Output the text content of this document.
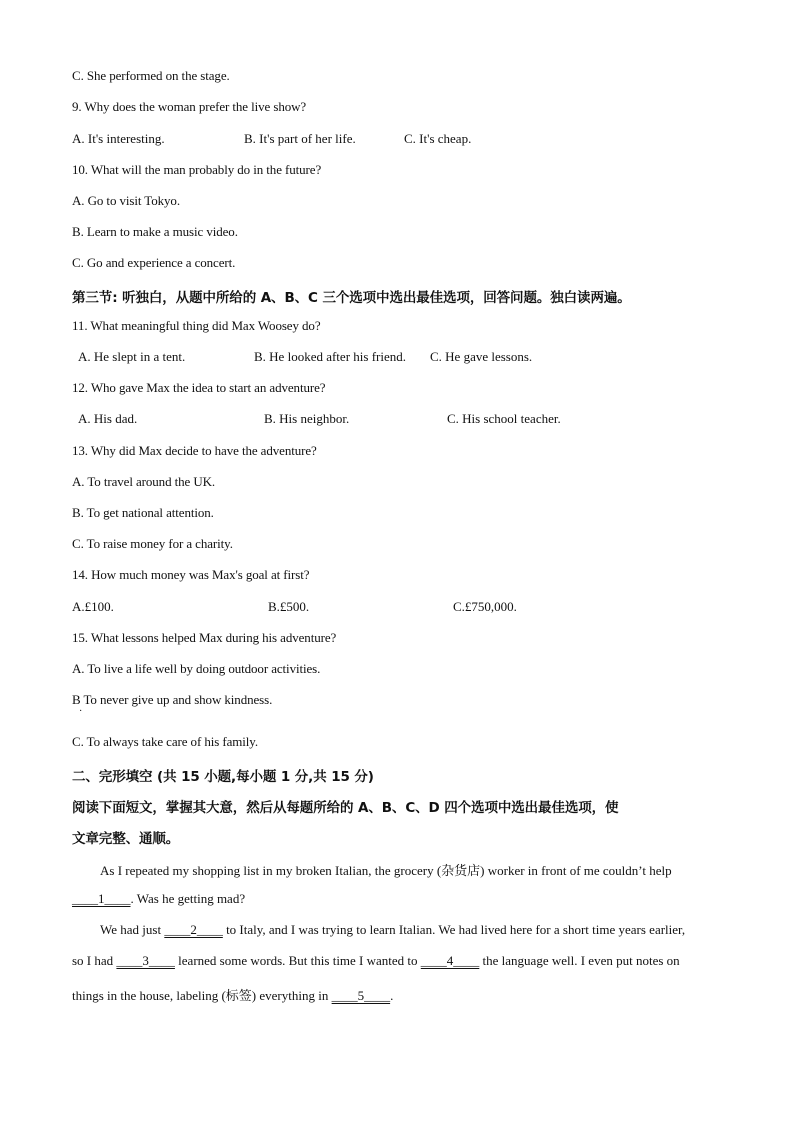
C. She performed on the stage.
9. Why does the woman prefer the live show?
A. It's interesting.	B. It's part of her life.	C. It's cheap.
10. What will the man probably do in the future?
A. Go to visit Tokyo.
B. Learn to make a music video.
C. Go and experience a concert.
第三节: 听独白，从题中所给的 A、B、C 三个选项中选出最佳选项，回答问题。独白读两遍。
11. What meaningful thing did Max Woosey do?
A. He slept in a tent.	B. He looked after his friend. C. He gave lessons.
12. Who gave Max the idea to start an adventure?
A. His dad.	B. His neighbor.	C. His school teacher.
13. Why did Max decide to have the adventure?
A. To travel around the UK.
B. To get national attention.
C. To raise money for a charity.
14. How much money was Max's goal at first?
A.£100.	B.£500.	C.£750,000.
15. What lessons helped Max during his adventure?
A. To live a life well by doing outdoor activities.
B To never give up and show kindness.
·
C. To always take care of his family.
二、完形填空 (共 15 小题,每小题 1 分,共 15 分)
阅读下面短文，掌握其大意，然后从每题所给的 A、B、C、D 四个选项中选出最佳选项，使
文章完整、通顺。
As I repeated my shopping list in my broken Italian, the grocery (杂货店) worker in front of me couldn’t help
____1____. Was he getting mad?
We had just ____2____ to Italy, and I was trying to learn Italian. We had lived here for a short time years earlier,
so I had ____3____ learned some words. But this time I wanted to ____4____ the language well. I even put notes on
things in the house, labeling (标签) everything in ____5____.
